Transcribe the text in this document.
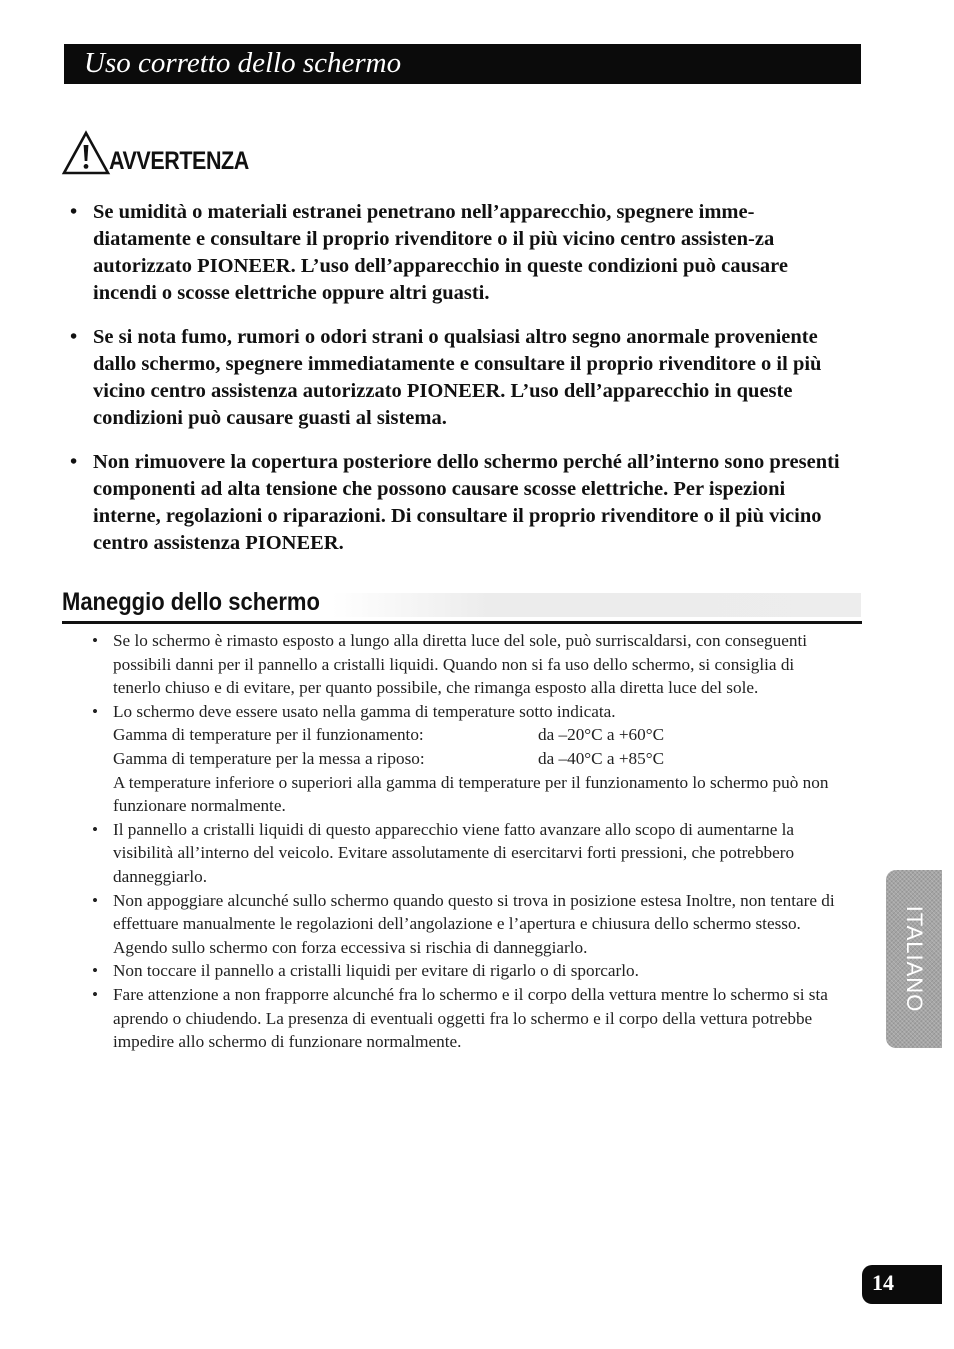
Uso corretto dello schermo
AVVERTENZA
• Se umidità o materiali estranei penetrano nell’apparecchio, spegnere imme-diatamente e consultare il proprio rivenditore o il più vicino centro assisten-za autorizzato PIONEER. L’uso dell’apparecchio in queste condizioni può causare incendi o scosse elettriche oppure altri guasti.
• Se si nota fumo, rumori o odori strani o qualsiasi altro segno anormale proveniente dallo schermo, spegnere immediatamente e consultare il proprio rivenditore o il più vicino centro assistenza autorizzato PIONEER. L’uso dell’apparecchio in queste condizioni può causare guasti al sistema.
• Non rimuovere la copertura posteriore dello schermo perché all’interno sono presenti componenti ad alta tensione che possono causare scosse elettriche. Per ispezioni interne, regolazioni o riparazioni. Di consultare il proprio rivenditore o il più vicino centro assistenza PIONEER.
Maneggio dello schermo
• Se lo schermo è rimasto esposto a lungo alla diretta luce del sole, può surriscaldarsi, con conseguenti possibili danni per il pannello a cristalli liquidi. Quando non si fa uso dello schermo, si consiglia di tenerlo chiuso e di evitare, per quanto possibile, che rimanga esposto alla diretta luce del sole.
• Lo schermo deve essere usato nella gamma di temperature sotto indicata.
Gamma di temperature per il funzionamento:	da –20°C a +60°C
Gamma di temperature per la messa a riposo:	da –40°C a +85°C
A temperature inferiore o superiori alla gamma di temperature per il funzionamento lo schermo può non funzionare normalmente.
• Il pannello a cristalli liquidi di questo apparecchio viene fatto avanzare allo scopo di aumentarne la visibilità all’interno del veicolo. Evitare assolutamente di esercitarvi forti pressioni, che potrebbero danneggiarlo.
• Non appoggiare alcunché sullo schermo quando questo si trova in posizione estesa Inoltre, non tentare di effettuare manualmente le regolazioni dell’angolazione e l’apertura e chiusura dello schermo stesso. Agendo sullo schermo con forza eccessiva si rischia di danneggiarlo.
• Non toccare il pannello a cristalli liquidi per evitare di rigarlo o di sporcarlo.
• Fare attenzione a non frapporre alcunché fra lo schermo e il corpo della vettura mentre lo schermo si sta aprendo o chiudendo. La presenza di eventuali oggetti fra lo schermo e il corpo della vettura potrebbe impedire allo schermo di funzionare normalmente.
ITALIANO
14
